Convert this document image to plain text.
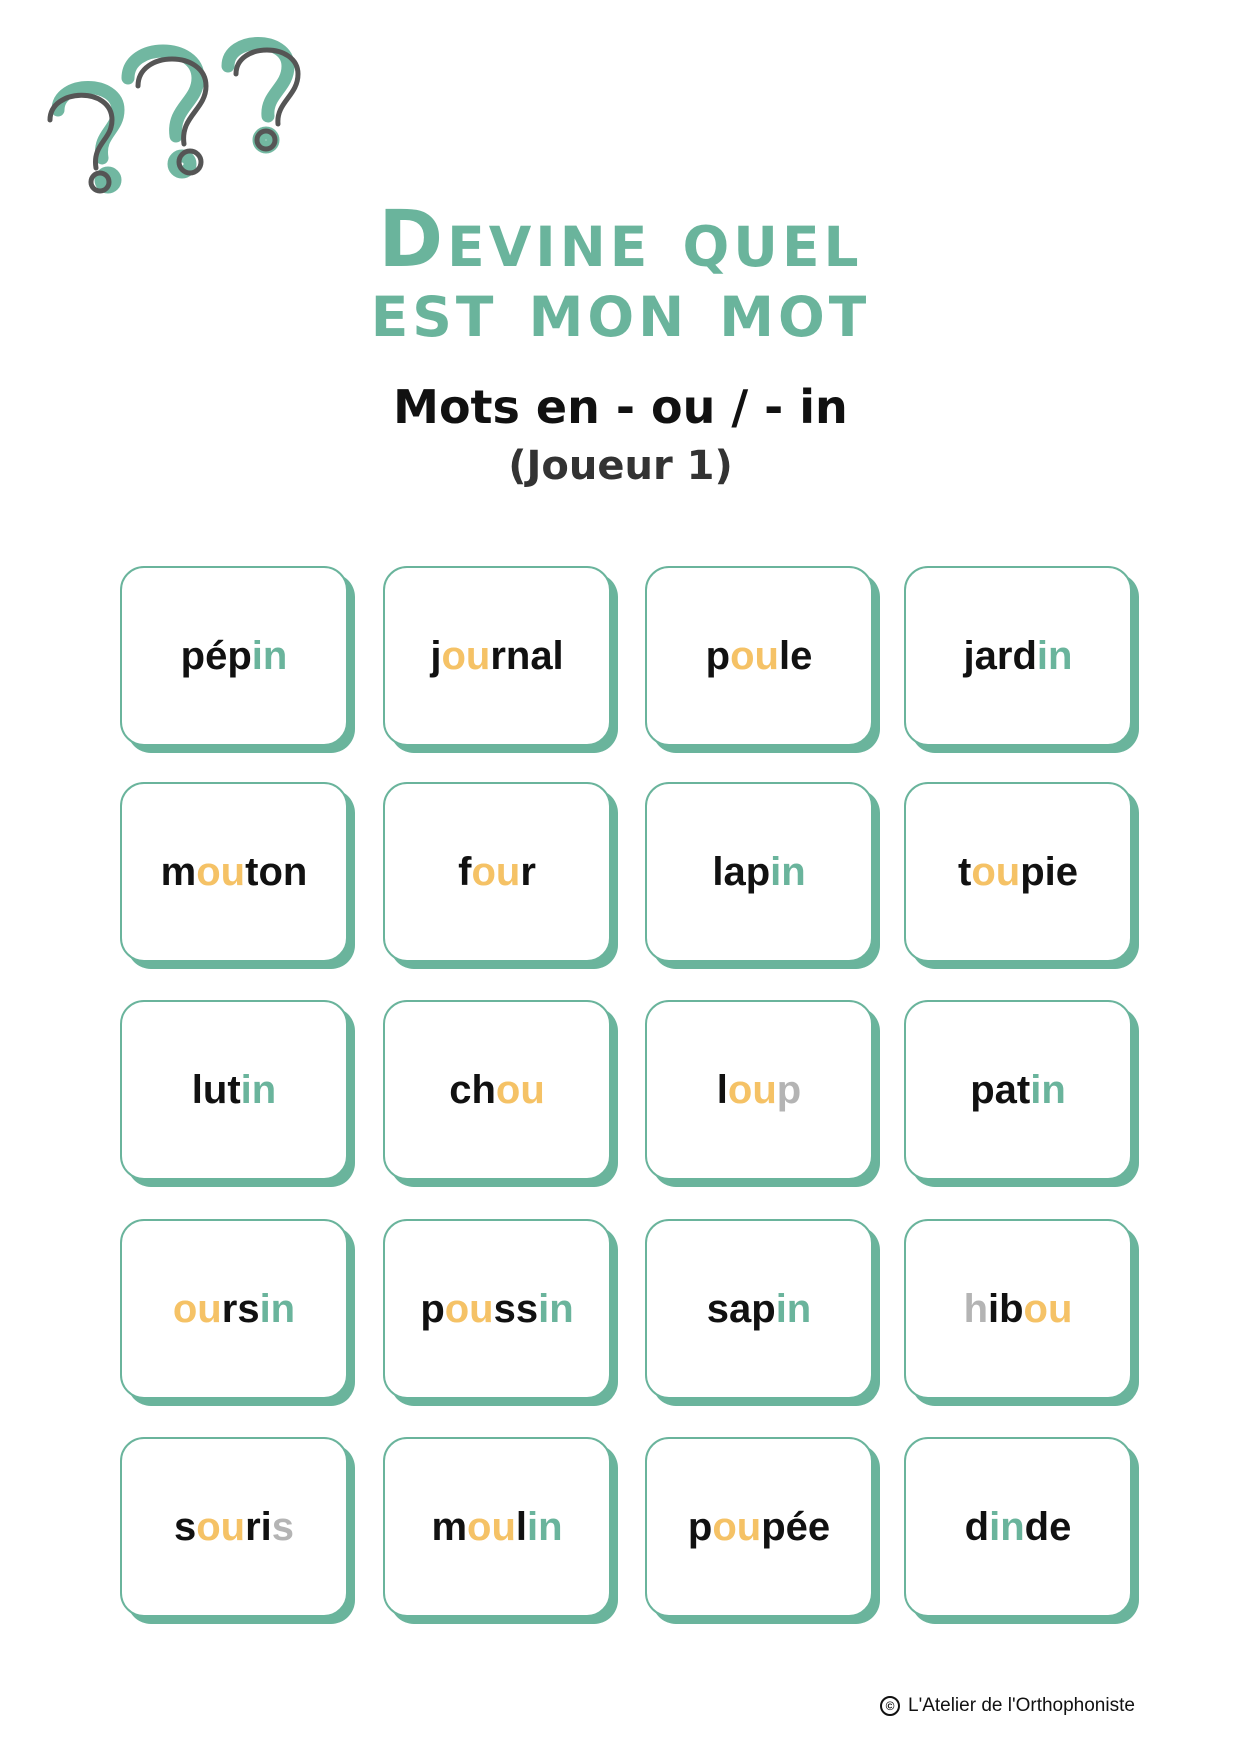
Devine quel
est mon mot
Mots en - ou / - in
(Joueur 1)
pépin	journal	poule	jardin
mouton	four	lapin	toupie
lutin	chou	loup	patin
oursin	poussin	sapin	hibou
souris	moulin	poupée	dinde
© L'Atelier de l'Orthophoniste
